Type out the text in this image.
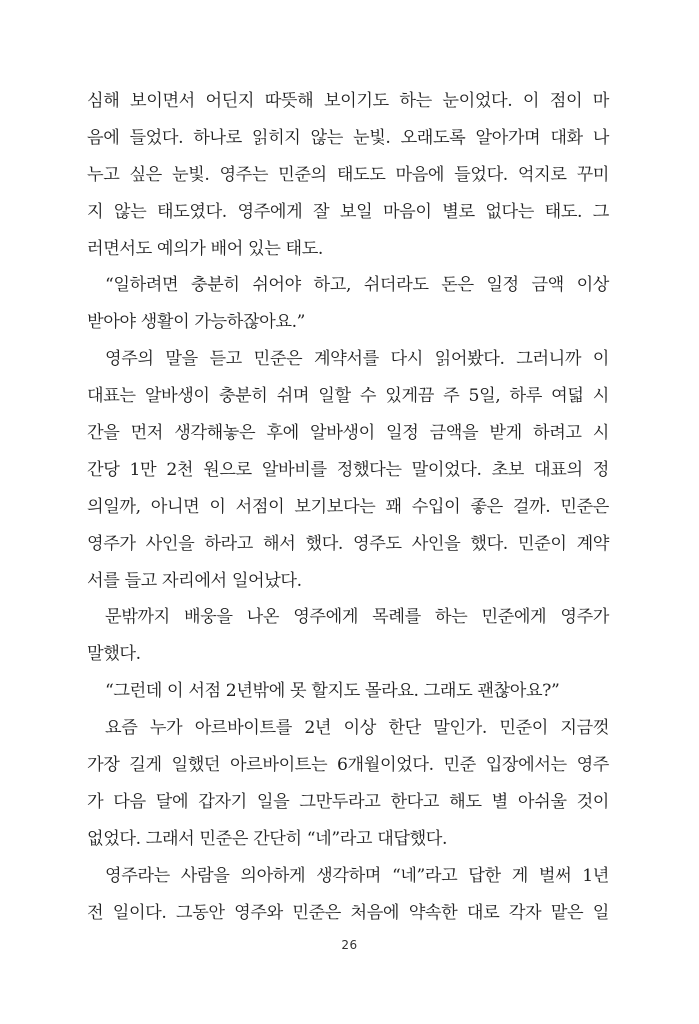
심해 보이면서 어딘지 따뜻해 보이기도 하는 눈이었다. 이 점이 마
음에 들었다. 하나로 읽히지 않는 눈빛. 오래도록 알아가며 대화 나
누고 싶은 눈빛. 영주는 민준의 태도도 마음에 들었다. 억지로 꾸미
지 않는 태도였다. 영주에게 잘 보일 마음이 별로 없다는 태도. 그
러면서도 예의가 배어 있는 태도.
“일하려면 충분히 쉬어야 하고, 쉬더라도 돈은 일정 금액 이상
받아야 생활이 가능하잖아요.”
영주의 말을 듣고 민준은 계약서를 다시 읽어봤다. 그러니까 이
대표는 알바생이 충분히 쉬며 일할 수 있게끔 주 5일, 하루 여덟 시
간을 먼저 생각해놓은 후에 알바생이 일정 금액을 받게 하려고 시
간당 1만 2천 원으로 알바비를 정했다는 말이었다. 초보 대표의 정
의일까, 아니면 이 서점이 보기보다는 꽤 수입이 좋은 걸까. 민준은
영주가 사인을 하라고 해서 했다. 영주도 사인을 했다. 민준이 계약
서를 들고 자리에서 일어났다.
문밖까지 배웅을 나온 영주에게 목례를 하는 민준에게 영주가
말했다.
“그런데 이 서점 2년밖에 못 할지도 몰라요. 그래도 괜찮아요?”
요즘 누가 아르바이트를 2년 이상 한단 말인가. 민준이 지금껏
가장 길게 일했던 아르바이트는 6개월이었다. 민준 입장에서는 영주
가 다음 달에 갑자기 일을 그만두라고 한다고 해도 별 아쉬울 것이
없었다. 그래서 민준은 간단히 “네”라고 대답했다.
영주라는 사람을 의아하게 생각하며 “네”라고 답한 게 벌써 1년
전 일이다. 그동안 영주와 민준은 처음에 약속한 대로 각자 맡은 일
26
